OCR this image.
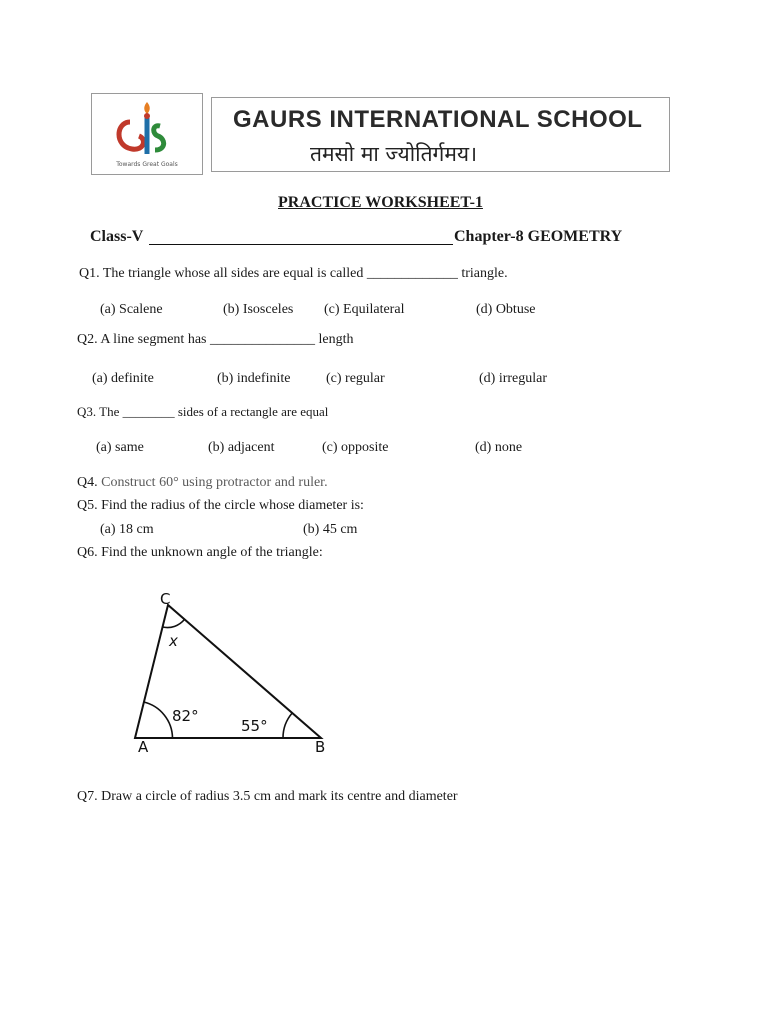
Towards Great Goals
GAURS INTERNATIONAL SCHOOL
तमसो मा ज्योतिर्गमय।
PRACTICE WORKSHEET-1
Class-V	Chapter-8 GEOMETRY
Q1. The triangle whose all sides are equal is called _____________ triangle.
(a) Scalene	(b) Isosceles (c) Equilateral	(d) Obtuse
Q2. A line segment has _______________ length
(a) definite	(b) indefinite	(c) regular	(d) irregular
Q3. The ________ sides of a rectangle are equal
(a) same	(b) adjacent	(c) opposite	(d) none
Q4. Construct 60° using protractor and ruler.
Q5. Find the radius of the circle whose diameter is:
(a) 18 cm	(b) 45 cm
Q6. Find the unknown angle of the triangle:
A	B
C
82°
55°
x
Q7. Draw a circle of radius 3.5 cm and mark its centre and diameter
